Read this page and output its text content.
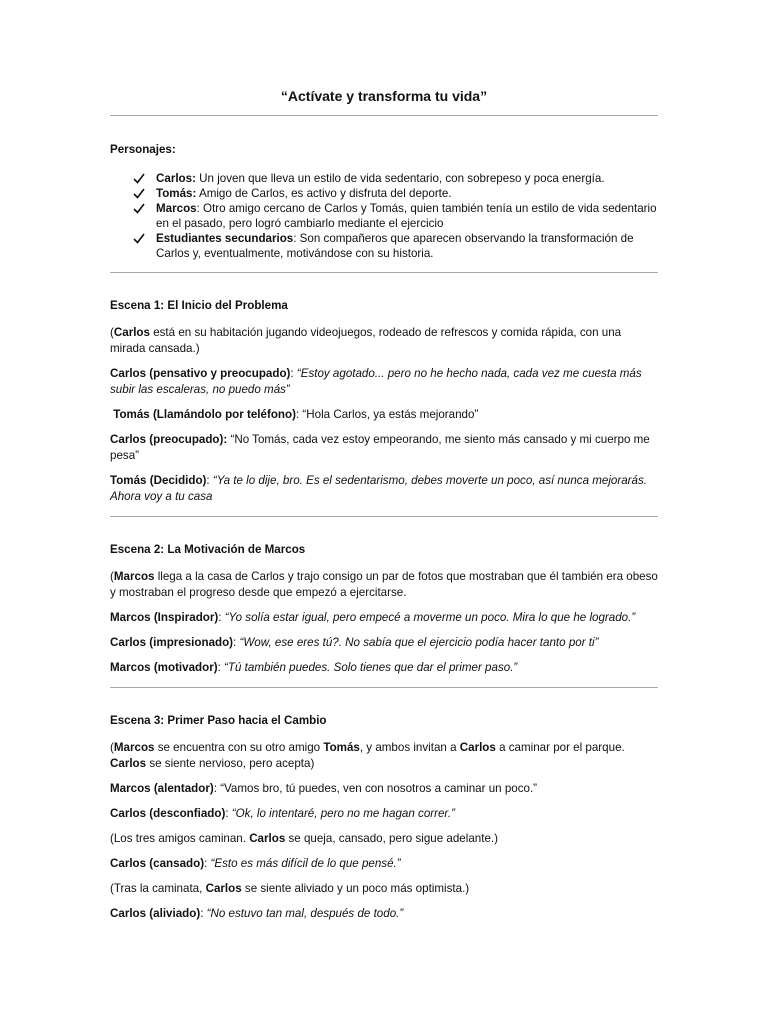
“Actívate y transforma tu vida”

Personajes:

Carlos: Un joven que lleva un estilo de vida sedentario, con sobrepeso y poca energía.
Tomás: Amigo de Carlos, es activo y disfruta del deporte.
Marcos: Otro amigo cercano de Carlos y Tomás, quien también tenía un estilo de vida sedentario en el pasado, pero logró cambiarlo mediante el ejercicio
Estudiantes secundarios: Son compañeros que aparecen observando la transformación de Carlos y, eventualmente, motivándose con su historia.

Escena 1: El Inicio del Problema

(Carlos está en su habitación jugando videojuegos, rodeado de refrescos y comida rápida, con una mirada cansada.)

Carlos (pensativo y preocupado): “Estoy agotado... pero no he hecho nada, cada vez me cuesta más subir las escaleras, no puedo más”

Tomás (Llamándolo por teléfono): “Hola Carlos, ya estás mejorando”

Carlos (preocupado): “No Tomás, cada vez estoy empeorando, me siento más cansado y mi cuerpo me pesa”

Tomás (Decidido): “Ya te lo dije, bro. Es el sedentarismo, debes moverte un poco, así nunca mejorarás. Ahora voy a tu casa

Escena 2: La Motivación de Marcos

(Marcos llega a la casa de Carlos y trajo consigo un par de fotos que mostraban que él también era obeso y mostraban el progreso desde que empezó a ejercitarse.

Marcos (Inspirador): “Yo solía estar igual, pero empecé a moverme un poco. Mira lo que he logrado.”

Carlos (impresionado): “Wow, ese eres tú?. No sabía que el ejercicio podía hacer tanto por ti”

Marcos (motivador): “Tú también puedes. Solo tienes que dar el primer paso.”

Escena 3: Primer Paso hacia el Cambio

(Marcos se encuentra con su otro amigo Tomás, y ambos invitan a Carlos a caminar por el parque. Carlos se siente nervioso, pero acepta)

Marcos (alentador): “Vamos bro, tú puedes, ven con nosotros a caminar un poco.”

Carlos (desconfiado): “Ok, lo intentaré, pero no me hagan correr.”

(Los tres amigos caminan. Carlos se queja, cansado, pero sigue adelante.)

Carlos (cansado): “Esto es más difícil de lo que pensé.”

(Tras la caminata, Carlos se siente aliviado y un poco más optimista.)

Carlos (aliviado): “No estuvo tan mal, después de todo.”
